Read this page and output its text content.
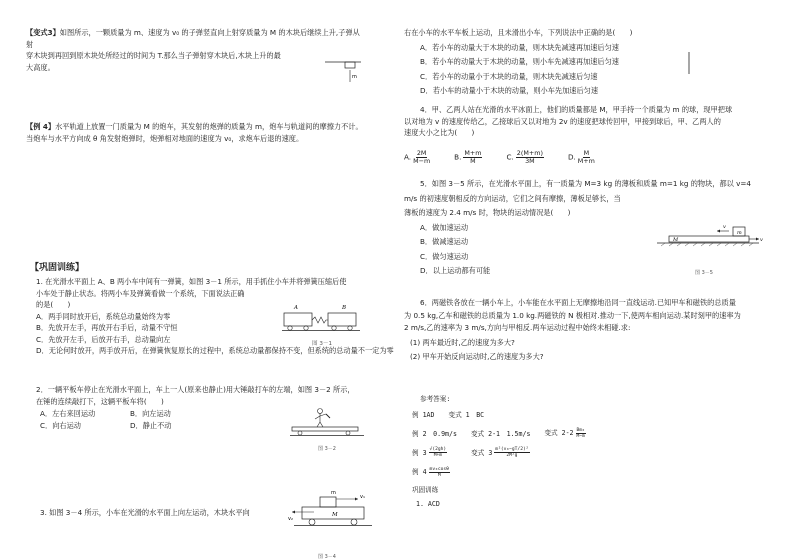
【变式3】如图所示，一颗质量为 m、速度为 v₀ 的子弹竖直向上射穿质量为 M 的木块后继续上升,子弹从射
穿木块到再回到原木块处所经过的时间为 T.那么当子弹射穿木块后,木块上升的最
大高度。
m
【例 4】水平轨道上放置一门质量为 M 的炮车，其发射的炮弹的质量为 m，炮车与轨道间的摩擦力不计。
当炮车与水平方向成 θ 角发射炮弹时，炮弹相对地面的速度为 v₀，求炮车后退的速度。
【巩固训练】
1. 在光滑水平面上 A、B 两小车中间有一弹簧，如图 3－1 所示，用手抓住小车并将弹簧压缩后使
小车处于静止状态。将两小车及弹簧看做一个系统，下面说法正确
的是(　　)
A．两手同时放开后，系统总动量始终为零
B．先放开左手，再放开右手后，动量不守恒
C．先放开左手，后放开右手，总动量向左
D．无论何时放开，两手放开后，在弹簧恢复原长的过程中，系统总动量都保持不变，但系统的总动量不一定为零
A	B
图 3－1
2．一辆平板车停止在光滑水平面上，车上一人(原来也静止)用大锤敲打车的左端，如图 3－2 所示，
在锤的连续敲打下，这辆平板车将(　　)
A．左右来回运动	B．向左运动
C．向右运动	D．静止不动
图 3－2
3. 如图 3－4 所示，小车在光滑的水平面上向左运动，木块水平向
m
v₁
v₂
M
图 3－4
右在小车的水平车板上运动，且未滑出小车，下列说法中正确的是(　　)
A．若小车的动量大于木块的动量，则木块先减速再加速后匀速
B．若小车的动量大于木块的动量，则小车先减速再加速后匀速
C．若小车的动量小于木块的动量，则木块先减速后匀速
D．若小车的动量小于木块的动量，则小车先加速后匀速
4．甲、乙两人站在光滑的水平冰面上，他们的质量都是 M，甲手持一个质量为 m 的球，现甲把球
以对地为 v 的速度传给乙，乙接球后又以对地为 2v 的速度把球传回甲，甲接到球后，甲、乙两人的
速度大小之比为(　　)
A. $\frac{2M}{M-m}$	B. $\frac{M+m}{M}$	C. $\frac{2(M+m)}{3M}$	D. $\frac{M}{M+m}$
5．如图 3－5 所示，在光滑水平面上，有一质量为 M=3 kg 的薄板和质量 m=1 kg 的物块，都以 v=4
m/s 的初速度朝相反的方向运动，它们之间有摩擦，薄板足够长，当
薄板的速度为 2.4 m/s 时，物块的运动情况是(　　)
A．做加速运动
B．做减速运动
C．做匀速运动
D．以上运动都有可能
v
m
M	v
图 3－5
6．两磁铁各放在一辆小车上，小车能在水平面上无摩擦地沿同一直线运动.已知甲车和磁铁的总质量
为 0.5 kg,乙车和磁铁的总质量为 1.0 kg.两磁铁的 N 极相对.推动一下,使两车相向运动.某时刻甲的速率为
2 m/s,乙的速率为 3 m/s,方向与甲相反.两车运动过程中始终未相碰.求:
(1) 两车最近时,乙的速度为多大?
(2) 甲车开始反向运动时,乙的速度为多大?
参考答案:
例 1AD 变式 1　BC
例 2　0.9m/s 变式 2-1　1.5m/s 变式 $2-2 \frac{\text{Bm₀}}{M-m}$
例 $3 \frac{√(2gh)}{M+m}$	变式 $3 \frac{\text{m²(v₀−gT/2)²}}{\text{2M²g}}$
例 $4 \frac{\text{mv₀cosθ}}{M}$
巩固训练
1. ACD
